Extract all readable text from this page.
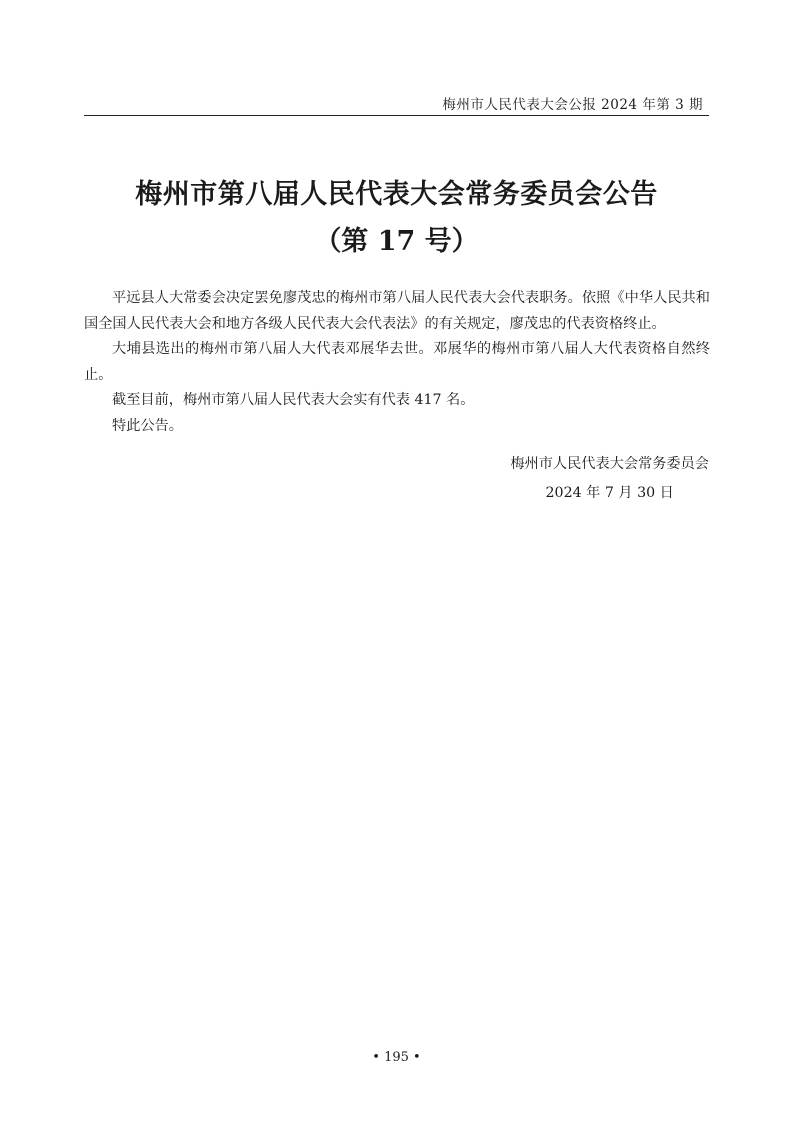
梅州市人民代表大会公报 2024 年第 3 期
梅州市第八届人民代表大会常务委员会公告
（第 17 号）

平远县人大常委会决定罢免廖茂忠的梅州市第八届人民代表大会代表职务。依照《中华人民共和国全国人民代表大会和地方各级人民代表大会代表法》的有关规定，廖茂忠的代表资格终止。

大埔县选出的梅州市第八届人大代表邓展华去世。邓展华的梅州市第八届人大代表资格自然终止。

截至目前，梅州市第八届人民代表大会实有代表 417 名。

特此公告。

梅州市人民代表大会常务委员会
2024 年 7 月 30 日
• 195 •
